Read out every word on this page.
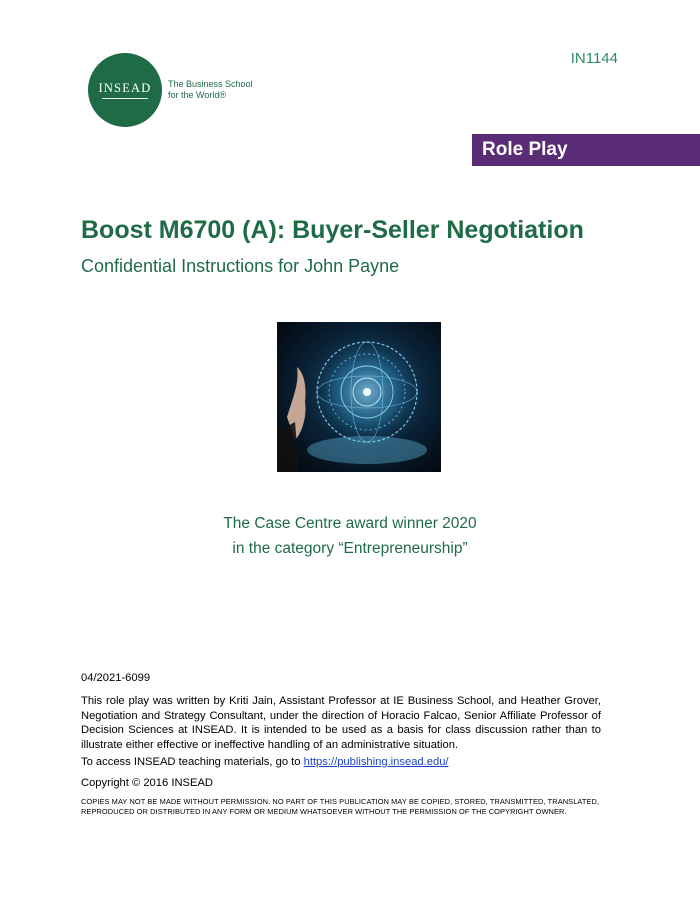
IN1144
INSEAD The Business School
for the World®
Role Play
Boost M6700 (A): Buyer-Seller Negotiation
Confidential Instructions for John Payne
The Case Centre award winner 2020
in the category “Entrepreneurship”
04/2021-6099
This role play was written by Kriti Jain, Assistant Professor at IE Business School, and Heather Grover, Negotiation and Strategy Consultant, under the direction of Horacio Falcao, Senior Affiliate Professor of Decision Sciences at INSEAD. It is intended to be used as a basis for class discussion rather than to illustrate either effective or ineffective handling of an administrative situation.
To access INSEAD teaching materials, go to https://publishing.insead.edu/
Copyright © 2016 INSEAD
COPIES MAY NOT BE MADE WITHOUT PERMISSION. NO PART OF THIS PUBLICATION MAY BE COPIED, STORED, TRANSMITTED, TRANSLATED, REPRODUCED OR DISTRIBUTED IN ANY FORM OR MEDIUM WHATSOEVER WITHOUT THE PERMISSION OF THE COPYRIGHT OWNER.
